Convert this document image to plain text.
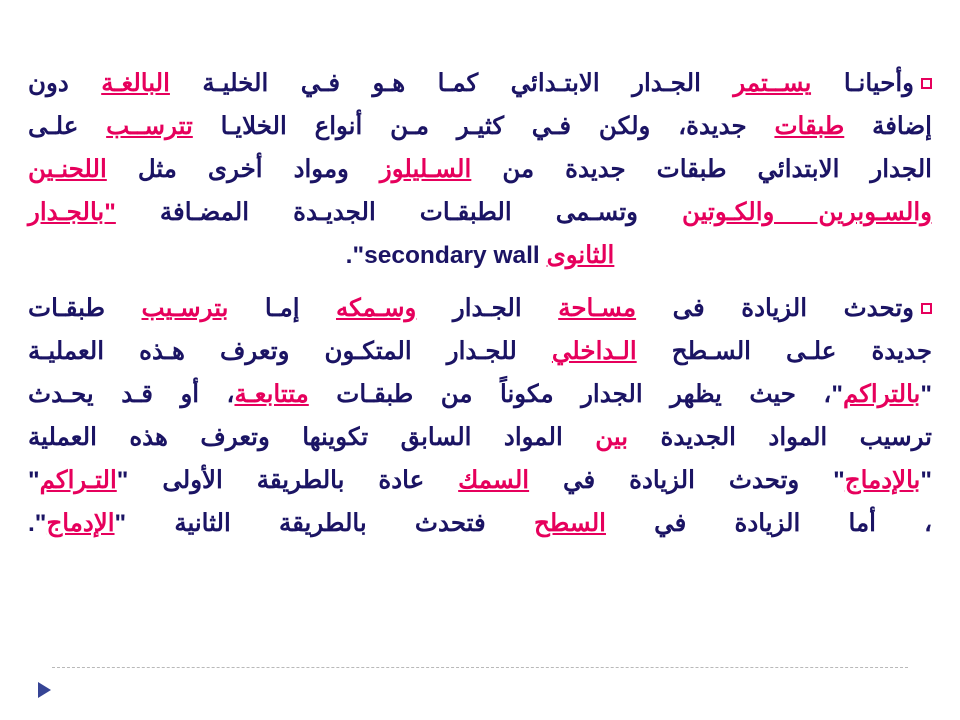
وأحيانـا يســتمر الجـدار الابتـدائي كمـا هـو فـي الخليـة البالغـة دون
إضافة طبقات جديدة، ولكن فـي كثيـر مـن أنواع الخلايـا تترســب علـى
الجدار الابتدائي طبقات جديدة من السـليلوز ومواد أخرى مثل اللحنـين
والسـوبرين والكـوتين وتسـمى الطبقـات الجديـدة المضـافة "بالجـدار
الثانوى secondary wall".
وتحدث الزيادة فى مسـاحة الجـدار وسـمكه إمـا بترسـيب طبقـات
جديدة علـى السـطح الـداخلي للجـدار المتكـون وتعرف هـذه العمليـة
"بالتراكم"، حيث يظهر الجدار مكوناً من طبقـات متتابعـة، أو قـد يحـدث
ترسيب المواد الجديدة بين المواد السابق تكوينها وتعرف هذه العملية
"بالإدماج" وتحدث الزيادة في السمك عادة بالطريقة الأولى "التـراكم"
، أما الزيادة في السطح فتحدث بالطريقة الثانية "الإدماج".
